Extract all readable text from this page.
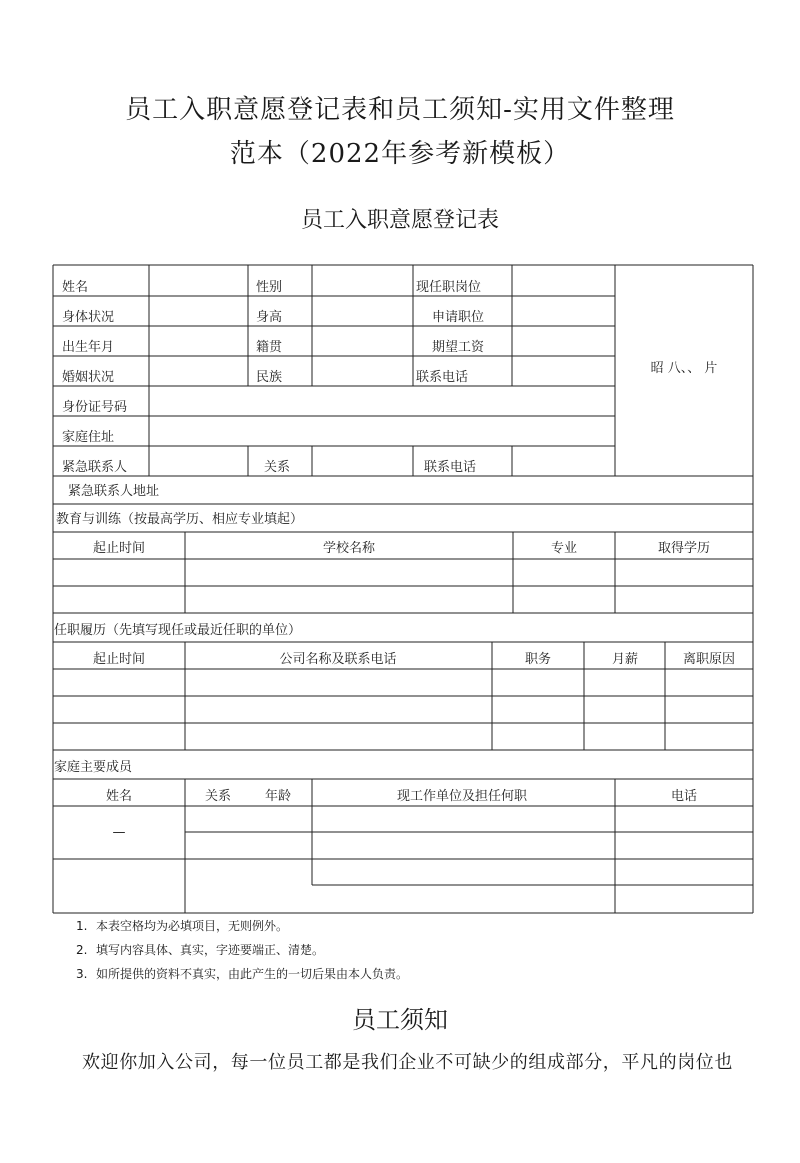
员工入职意愿登记表和员工须知-实用文件整理
范本（2022年参考新模板）
员工入职意愿登记表
姓名	性别	现任职岗位
身体状况	身高	申请职位
出生年月	籍贯	期望工资
婚姻状况	民族	联系电话
身份证号码
家庭住址
紧急联系人	关系	联系电话
昭 八、、 片
紧急联系人地址
教育与训练（按最高学历、相应专业填起）
起止时间	学校名称	专业	取得学历
任职履历（先填写现任或最近任职的单位）
起止时间	公司名称及联系电话	职务	月薪	离职原因
家庭主要成员
姓名	关系	年龄	现工作单位及担任何职	电话
—
1. 本表空格均为必填项目，无则例外。
2. 填写内容具体、真实，字迹要端正、清楚。
3. 如所提供的资料不真实，由此产生的一切后果由本人负责。
员工须知
欢迎你加入公司，每一位员工都是我们企业不可缺少的组成部分，平凡的岗位也
